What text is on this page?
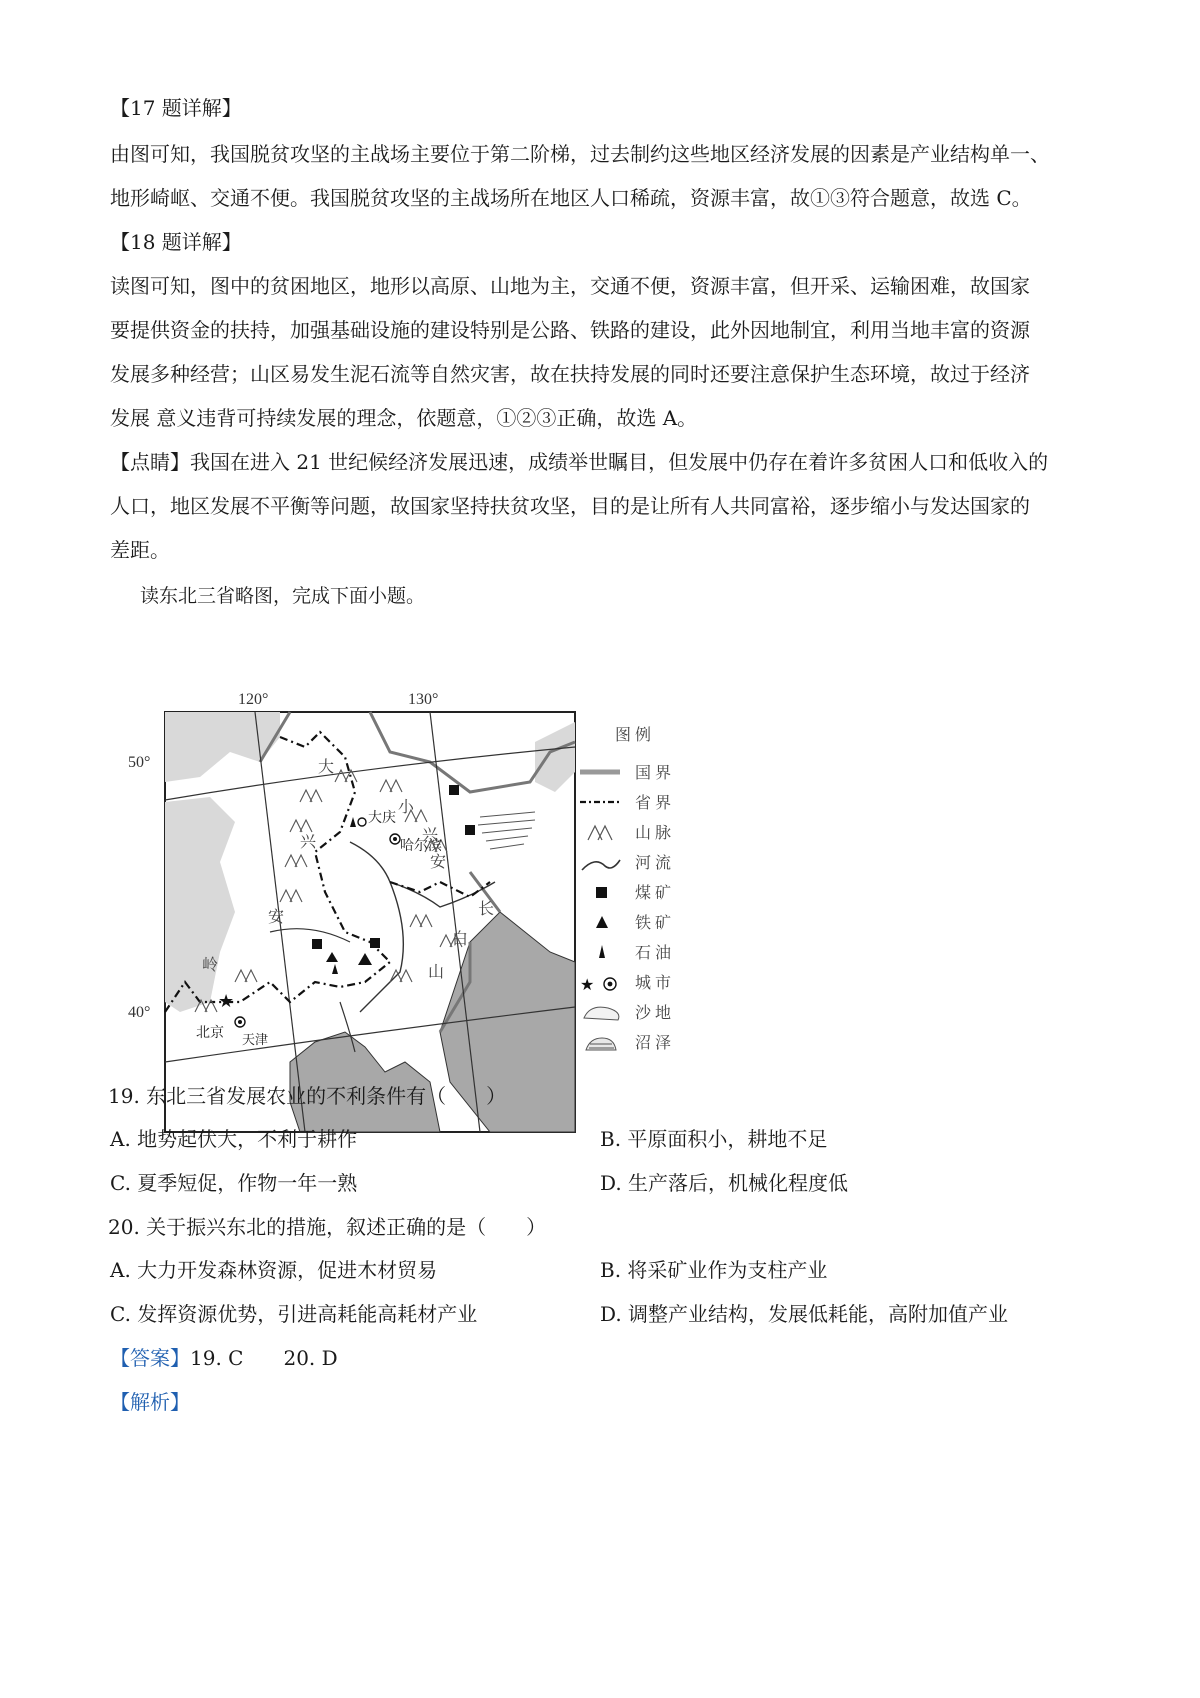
【17 题详解】
由图可知，我国脱贫攻坚的主战场主要位于第二阶梯，过去制约这些地区经济发展的因素是产业结构单一、
地形崎岖、交通不便。我国脱贫攻坚的主战场所在地区人口稀疏，资源丰富，故①③符合题意，故选 C。
【18 题详解】
读图可知，图中的贫困地区，地形以高原、山地为主，交通不便，资源丰富，但开采、运输困难，故国家
要提供资金的扶持，加强基础设施的建设特别是公路、铁路的建设，此外因地制宜，利用当地丰富的资源
发展多种经营；山区易发生泥石流等自然灾害，故在扶持发展的同时还要注意保护生态环境，故过于经济
发展 意义违背可持续发展的理念，依题意，①②③正确，故选 A。
【点睛】我国在进入 21 世纪候经济发展迅速，成绩举世瞩目，但发展中仍存在着许多贫困人口和低收入的
人口，地区发展不平衡等问题，故国家坚持扶贫攻坚，目的是让所有人共同富裕，逐步缩小与发达国家的
差距。
读东北三省略图，完成下面小题。
大
兴
安
岭
小
兴
安
长
白
山
大庆
哈尔滨
★
北京 天津
120°	130°
50°
40°
图 例
国 界
省 界
山 脉
河 流
煤 矿
铁 矿
石 油
★	城 市
沙 地
沼 泽
19. 东北三省发展农业的不利条件有（　　）
A. 地势起伏大，不利于耕作	B. 平原面积小，耕地不足
C. 夏季短促，作物一年一熟	D. 生产落后，机械化程度低
20. 关于振兴东北的措施，叙述正确的是（　　）
A. 大力开发森林资源，促进木材贸易	B. 将采矿业作为支柱产业
C. 发挥资源优势，引进高耗能高耗材产业	D. 调整产业结构，发展低耗能，高附加值产业
【答案】19. C　　20. D
【解析】
